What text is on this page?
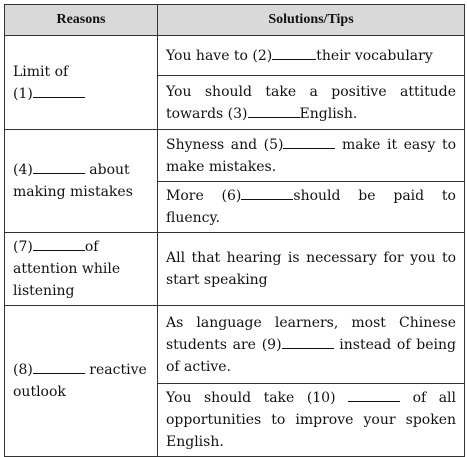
Reasons	Solutions/Tips
Limit of
(1)	You have to (2) their vocabulary
	You should take a positive attitude towards (3) English.
(4) about making mistakes	Shyness and (5) make it easy to make mistakes.
	More (6) should be paid to fluency.
(7) of attention while listening	All that hearing is necessary for you to start speaking
(8) reactive outlook	As language learners, most Chinese students are (9) instead of being of active.
	You should take (10) of all opportunities to improve your spoken English.
